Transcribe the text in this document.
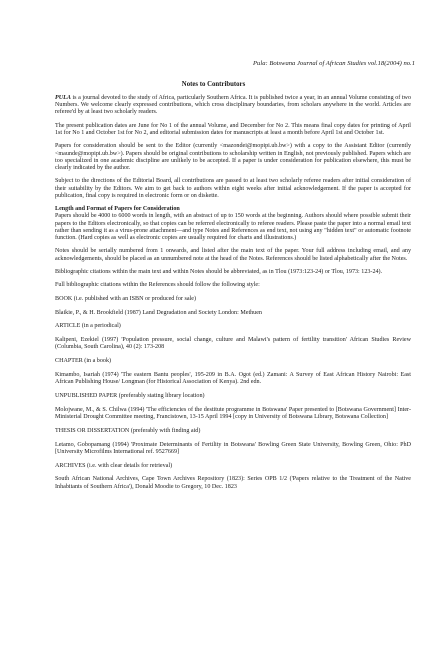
Pula: Botswana Journal of African Studies vol.18(2004) no.1
Notes to Contributors

PULA is a journal devoted to the study of Africa, particularly Southern Africa. It is published twice a year, in an annual Volume consisting of two Numbers. We welcome clearly expressed contributions, which cross disciplinary boundaries, from scholars anywhere in the world. Articles are referee'd by at least two scholarly readers.

The present publication dates are June for No 1 of the annual Volume, and December for No 2. This means final copy dates for printing of April 1st for No 1 and October 1st for No 2, and editorial submission dates for manuscripts at least a month before April 1st and October 1st.

Papers for consideration should be sent to the Editor (currently <mazondei@mopipi.ub.bw>) with a copy to the Assistant Editor (currently <maunde@mopipi.ub.bw>). Papers should be original contributions to scholarship written in English, not previously published. Papers which are too specialized in one academic discipline are unlikely to be accepted. If a paper is under consideration for publication elsewhere, this must be clearly indicated by the author.

Subject to the directions of the Editorial Board, all contributions are passed to at least two scholarly referee readers after initial consideration of their suitability by the Editors. We aim to get back to authors within eight weeks after initial acknowledgement. If the paper is accepted for publication, final copy is required in electronic form or on diskette.

Length and Format of Papers for Consideration

Papers should be 4000 to 6000 words in length, with an abstract of up to 150 words at the beginning. Authors should where possible submit their papers to the Editors electronically, so that copies can be referred electronically to referee readers. Please paste the paper into a normal email text rather than sending it as a virus-prone attachment—and type Notes and References as end text, not using any "hidden text" or automatic footnote function. (Hard copies as well as electronic copies are usually required for charts and illustrations.)

Notes should be serially numbered from 1 onwards, and listed after the main text of the paper. Your full address including email, and any acknowledgements, should be placed as an unnumbered note at the head of the Notes. References should be listed alphabetically after the Notes.

Bibliographic citations within the main text and within Notes should be abbreviated, as in Tlou (1973:123-24) or Tlou, 1973: 123-24).

Full bibliographic citations within the References should follow the following style:

BOOK (i.e. published with an ISBN or produced for sale)

Blaikie, P., & H. Brookfield (1987) Land Degradation and Society London: Methuen

ARTICLE (in a periodical)

Kalipeni, Ezekiel (1997) 'Population pressure, social change, culture and Malawi's pattern of fertility transition' African Studies Review (Columbia, South Carolina), 40 (2): 173-208

CHAPTER (in a book)

Kimambo, Isariah (1974) 'The eastern Bantu peoples', 195-209 in B.A. Ogot (ed.) Zamani: A Survey of East African History Nairobi: East African Publishing House/ Longman (for Historical Association of Kenya). 2nd edn.

UNPUBLISHED PAPER (preferably stating library location)

Molojwane, M., & S. Chilwa (1994) 'The efficiencies of the destitute programme in Botswana' Paper presented to [Botswana Government] Inter-Ministerial Drought Committee meeting, Francistown, 13-15 April 1994 [copy in University of Botswana Library, Botswana Collection]

THESIS OR DISSERTATION (preferably with finding aid)

Letamo, Gobopamang (1994) 'Proximate Determinants of Fertility in Botswana' Bowling Green State University, Bowling Green, Ohio: PhD [University Microfilms International ref. 9527669]

ARCHIVES (i.e. with clear details for retrieval)

South African National Archives, Cape Town Archives Repository (1823): Series OPB 1/2 ('Papers relative to the Treatment of the Native Inhabitants of Southern Africa'), Donald Moodie to Gregory, 10 Dec. 1823
